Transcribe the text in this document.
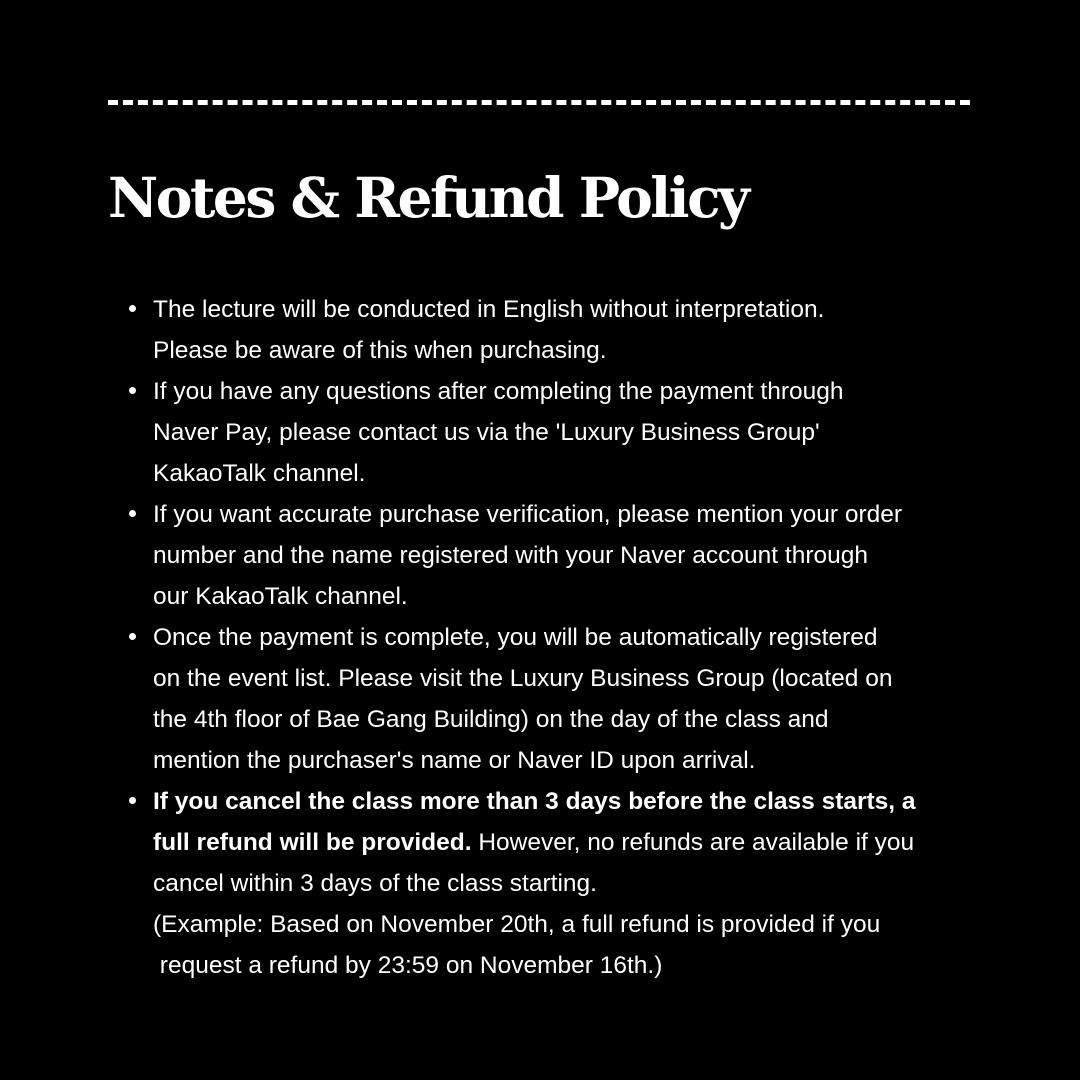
Notes & Refund Policy
The lecture will be conducted in English without interpretation.
Please be aware of this when purchasing.
If you have any questions after completing the payment through
Naver Pay, please contact us via the 'Luxury Business Group'
KakaoTalk channel.
If you want accurate purchase verification, please mention your order
number and the name registered with your Naver account through
our KakaoTalk channel.
Once the payment is complete, you will be automatically registered
on the event list. Please visit the Luxury Business Group (located on
the 4th floor of Bae Gang Building) on the day of the class and
mention the purchaser's name or Naver ID upon arrival.
If you cancel the class more than 3 days before the class starts, a
full refund will be provided. However, no refunds are available if you
cancel within 3 days of the class starting.
(Example: Based on November 20th, a full refund is provided if you
request a refund by 23:59 on November 16th.)
